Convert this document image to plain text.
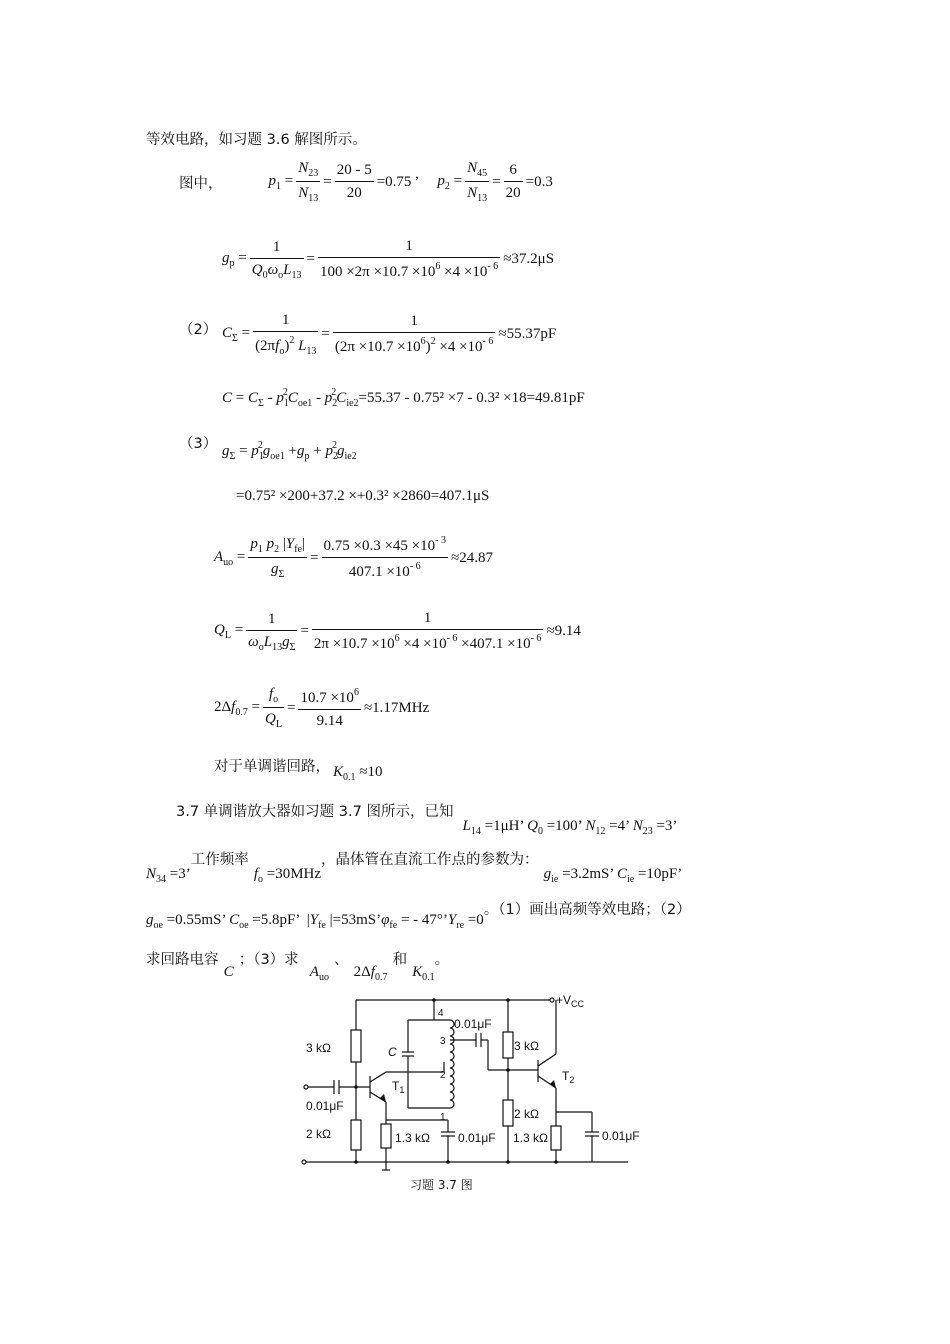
等效电路，如习题 3.6 解图所示。
图中，	$p_1 = \frac{N_{23}}{N_{13}} = \frac{20 - 5}{20} =0.75$ ’ $p_2 = \frac{N_{45}}{N_{13}} = \frac{6}{20} =0.3$
$g_p = \frac{1}{Q_0\omega_oL_{13}} = \frac{1}{100 \times 2\pi \times 10.7 \times 10^6 \times 4 \times 10^{- 6}} \approx 37.2\mu S$
（2） $C_\Sigma = \frac{1}{(2\pi f_o)^2 L_{13}} = \frac{1}{(2\pi \times 10.7 \times 10^6)^2 \times 4 \times 10^{- 6}} \approx 55.37pF$
$C = C_\Sigma - p_1^2C_{oe1} - p_2^2C_{ie2}=55.37 - 0.75^2 \times 7 - 0.3^2 \times 18=49.81pF$
（3） $g_\Sigma = p_1^2g_{oe1} +g_p + p_2^2g_{ie2}$
=0.75² ×200+37.2 ×+0.3² ×2860=407.1μS
$A_{uo} = \frac{p_1 p_2 |Y_{fe}|}{g_\Sigma} = \frac{0.75 \times 0.3 \times 45 \times 10^{- 3}}{407.1 \times 10^{- 6}} \approx 24.87$
$Q_L = \frac{1}{\omega_oL_{13}g_\Sigma} = \frac{1}{2\pi \times 10.7 \times 10^6 \times 4 \times 10^{- 6} \times 407.1 \times 10^{- 6}} \approx 9.14$
$2\Delta f_{0.7} = \frac{f_o}{Q_L} = \frac{10.7 \times 10^6}{9.14} \approx 1.17MHz$
对于单调谐回路， $K_{0.1} \approx 10$
3.7 单调谐放大器如习题 3.7 图所示，已知 $L_{14} =1\mu H$’ $Q_0 =100$’ $N_{12} =4$’ $N_{23} =3$’
$N_{34} =3$’工作频率 $f_o =30MHz$，晶体管在直流工作点的参数为： $g_{ie} =3.2mS$’ $C_{ie} =10pF$’
$g_{oe} =0.55mS$’ $C_{oe} =5.8pF$’  $|Y_{fe}$ $|=53mS’\varphi_{fe}$ = - $47^\circ’Y_{re} =0$。（1）画出高频等效电路；（2）
求回路电容 C ；（3）求 $A_{uo}$ 、 $2\Delta f_{0.7}$ 和 $K_{0.1}$。
$+V_{CC}$
3 kΩ
2 kΩ
0.01μF
1.3 kΩ 0.01μF
0.01μF
C	3 kΩ
2 kΩ
1.3 kΩ	0.01μF
$T_1$
$T_2$
4
3
2
1
习题 3.7 图
